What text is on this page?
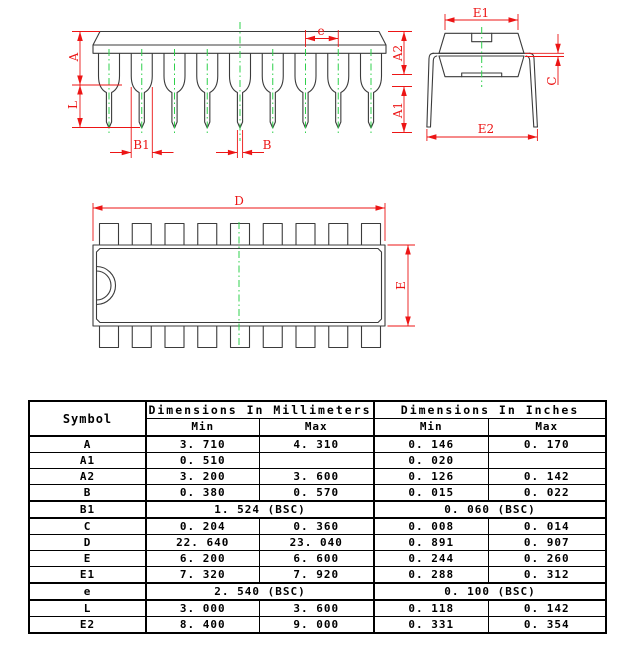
A
L
B1	B
e
A2
A1
E1
E2
C
D
E
Symbol	Dimensions In Millimeters		Dimensions In Inches	
	Min	Max	Min	Max
A	3. 710	4. 310	0. 146	0. 170
A1	0. 510		0. 020	
A2	3. 200	3. 600	0. 126	0. 142
B	0. 380	0. 570	0. 015	0. 022
B1	1. 524 (BSC)		0. 060 (BSC)	
C	0. 204	0. 360	0. 008	0. 014
D	22. 640	23. 040	0. 891	0. 907
E	6. 200	6. 600	0. 244	0. 260
E1	7. 320	7. 920	0. 288	0. 312
e	2. 540 (BSC)		0. 100 (BSC)	
L	3. 000	3. 600	0. 118	0. 142
E2	8. 400	9. 000	0. 331	0. 354
